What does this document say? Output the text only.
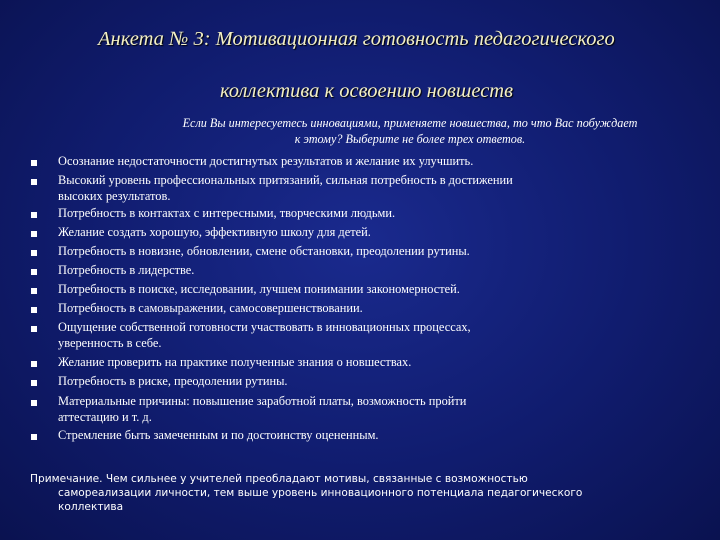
Анкета № 3: Мотивационная готовность педагогического
коллектива к освоению новшеств
Если Вы интересуетесь инновациями, применяете новшества, то что Вас побуждает
к этому? Выберите не более трех ответов.
Осознание недостаточности достигнутых результатов и желание их улучшить.
Высокий уровень профессиональных притязаний, сильная потребность в достижении
высоких результатов.
Потребность в контактах с интересными, творческими людьми.
Желание создать хорошую, эффективную школу для детей.
Потребность в новизне, обновлении, смене обстановки, преодолении рутины.
Потребность в лидерстве.
Потребность в поиске, исследовании, лучшем понимании закономерностей.
Потребность в самовыражении, самосовершенствовании.
Ощущение собственной готовности участвовать в инновационных процессах,
уверенность в себе.
Желание проверить на практике полученные знания о новшествах.
Потребность в риске, преодолении рутины.
Материальные причины: повышение заработной платы, возможность пройти
аттестацию и т. д.
Стремление быть замеченным и по достоинству оцененным.
Примечание. Чем сильнее у учителей преобладают мотивы, связанные с возможностью
самореализации личности, тем выше уровень инновационного потенциала педагогического
коллектива
